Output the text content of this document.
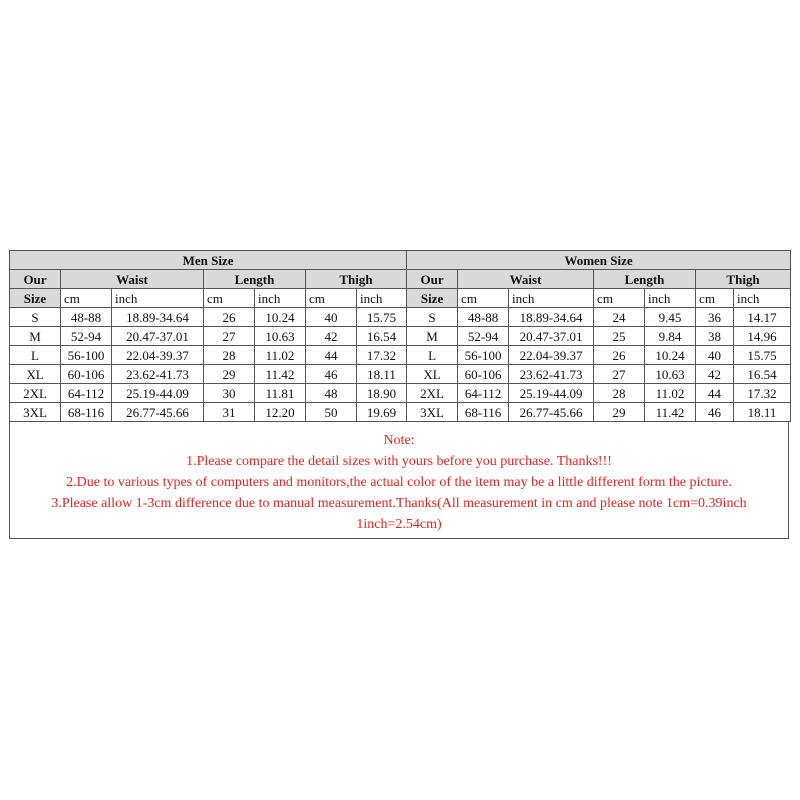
Men Size						
Our	Waist		Length		Thigh	
Size	cm	inch	cm	inch	cm	inch
S	48-88	18.89-34.64	26	10.24	40	15.75
M	52-94	20.47-37.01	27	10.63	42	16.54
L	56-100	22.04-39.37	28	11.02	44	17.32
XL	60-106	23.62-41.73	29	11.42	46	18.11
2XL	64-112	25.19-44.09	30	11.81	48	18.90
3XL	68-116	26.77-45.66	31	12.20	50	19.69
Women Size						
Our	Waist		Length		Thigh	
Size	cm	inch	cm	inch	cm	inch
S	48-88	18.89-34.64	24	9.45	36	14.17
M	52-94	20.47-37.01	25	9.84	38	14.96
L	56-100	22.04-39.37	26	10.24	40	15.75
XL	60-106	23.62-41.73	27	10.63	42	16.54
2XL	64-112	25.19-44.09	28	11.02	44	17.32
3XL	68-116	26.77-45.66	29	11.42	46	18.11
Note:
1.Please compare the detail sizes with yours before you purchase. Thanks!!!
2.Due to various types of computers and monitors,the actual color of the item may be a little different form the picture.
3.Please allow 1-3cm difference due to manual measurement.Thanks(All measurement in cm and please note 1cm=0.39inch 1inch=2.54cm)
